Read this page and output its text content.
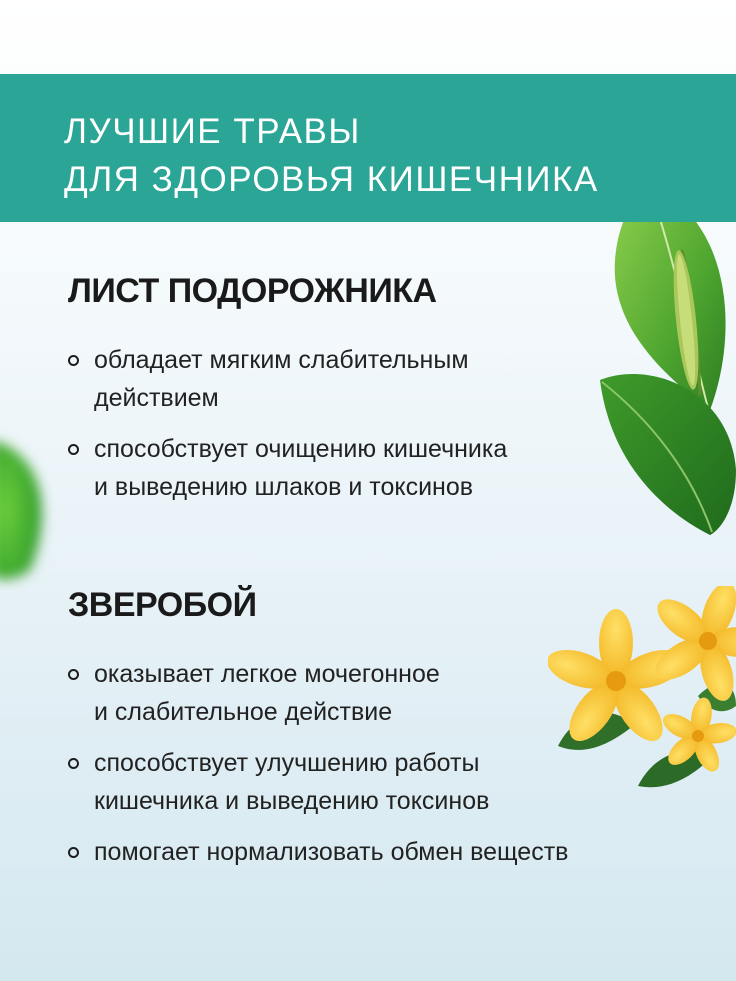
ЛУЧШИЕ ТРАВЫ
ДЛЯ ЗДОРОВЬЯ КИШЕЧНИКА
ЛИСТ ПОДОРОЖНИКА
обладает мягким слабительным
действием
способствует очищению кишечника
и выведению шлаков и токсинов
ЗВЕРОБОЙ
оказывает легкое мочегонное
и слабительное действие
способствует улучшению работы
кишечника и выведению токсинов
помогает нормализовать обмен веществ
